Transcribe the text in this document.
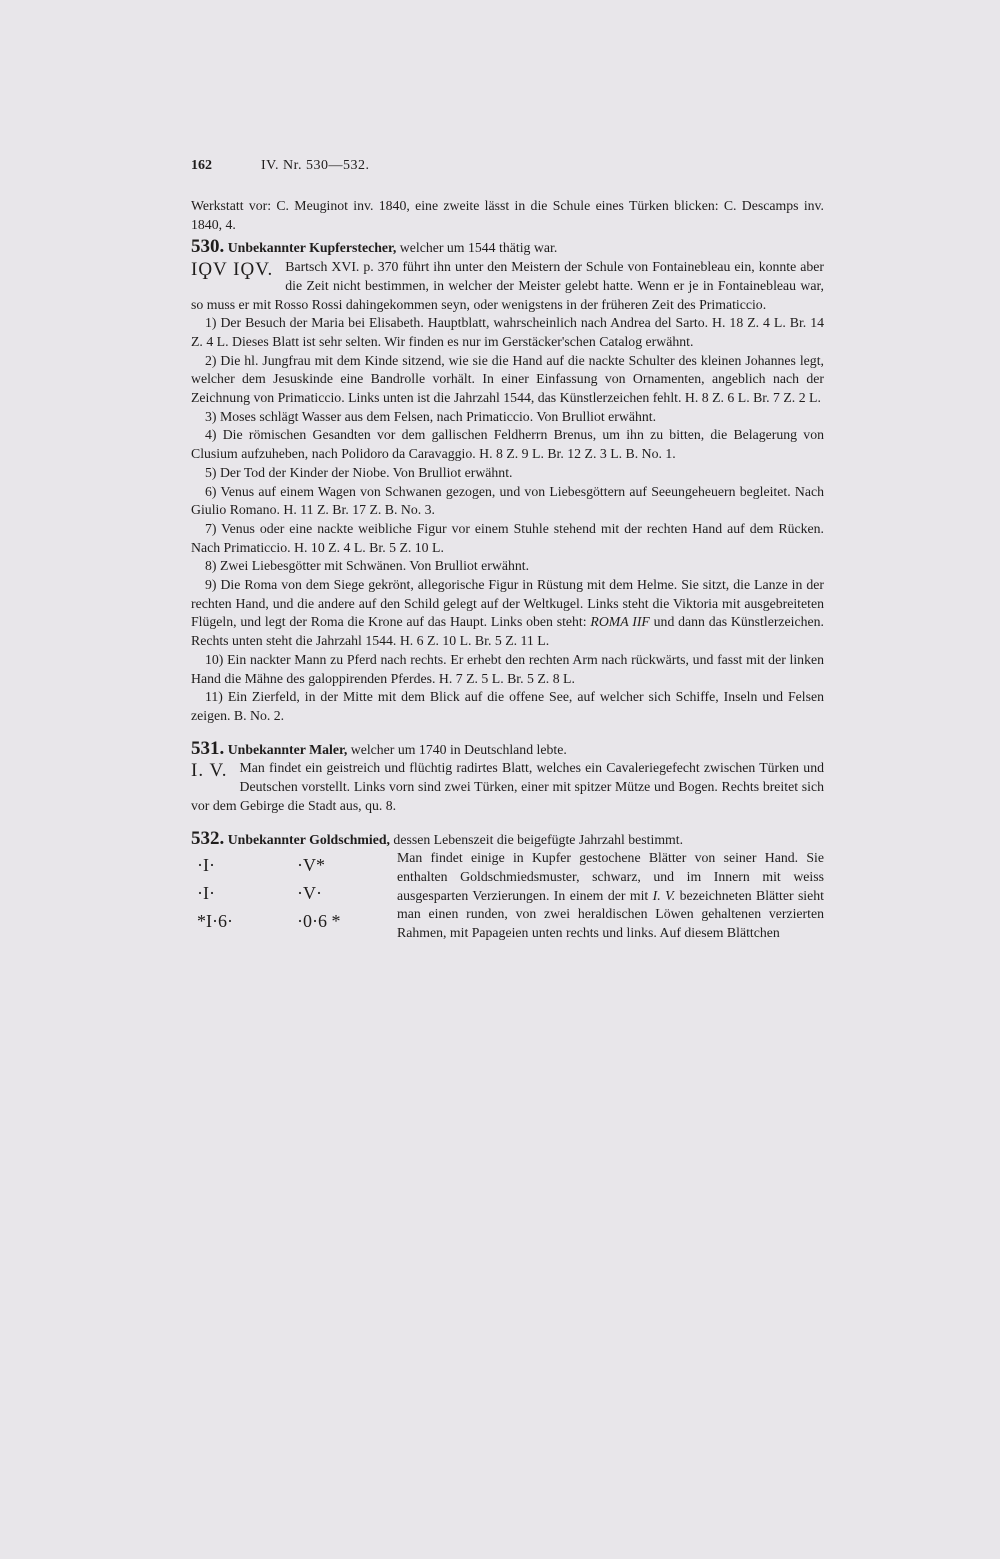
162	IV. Nr. 530—532.

Werkstatt vor: C. Meuginot inv. 1840, eine zweite lässt in die Schule eines Türken blicken: C. Descamps inv. 1840, 4.

530. Unbekannter Kupferstecher, welcher um 1544 thätig war.

IϘV IϘV. Bartsch XVI. p. 370 führt ihn unter den Meistern der Schule von Fontainebleau ein, konnte aber die Zeit nicht bestimmen, in welcher der Meister gelebt hatte. Wenn er je in Fontainebleau war, so muss er mit Rosso Rossi dahingekommen seyn, oder wenigstens in der früheren Zeit des Primaticcio.

1) Der Besuch der Maria bei Elisabeth. Hauptblatt, wahrscheinlich nach Andrea del Sarto. H. 18 Z. 4 L. Br. 14 Z. 4 L. Dieses Blatt ist sehr selten. Wir finden es nur im Gerstäcker'schen Catalog erwähnt.

2) Die hl. Jungfrau mit dem Kinde sitzend, wie sie die Hand auf die nackte Schulter des kleinen Johannes legt, welcher dem Jesuskinde eine Bandrolle vorhält. In einer Einfassung von Ornamenten, angeblich nach der Zeichnung von Primaticcio. Links unten ist die Jahrzahl 1544, das Künstlerzeichen fehlt. H. 8 Z. 6 L. Br. 7 Z. 2 L.

3) Moses schlägt Wasser aus dem Felsen, nach Primaticcio. Von Brulliot erwähnt.

4) Die römischen Gesandten vor dem gallischen Feldherrn Brenus, um ihn zu bitten, die Belagerung von Clusium aufzuheben, nach Polidoro da Caravaggio. H. 8 Z. 9 L. Br. 12 Z. 3 L. B. No. 1.

5) Der Tod der Kinder der Niobe. Von Brulliot erwähnt.

6) Venus auf einem Wagen von Schwanen gezogen, und von Liebesgöttern auf Seeungeheuern begleitet. Nach Giulio Romano. H. 11 Z. Br. 17 Z. B. No. 3.

7) Venus oder eine nackte weibliche Figur vor einem Stuhle stehend mit der rechten Hand auf dem Rücken. Nach Primaticcio. H. 10 Z. 4 L. Br. 5 Z. 10 L.

8) Zwei Liebesgötter mit Schwänen. Von Brulliot erwähnt.

9) Die Roma von dem Siege gekrönt, allegorische Figur in Rüstung mit dem Helme. Sie sitzt, die Lanze in der rechten Hand, und die andere auf den Schild gelegt auf der Weltkugel. Links steht die Viktoria mit ausgebreiteten Flügeln, und legt der Roma die Krone auf das Haupt. Links oben steht: ROMA IIF und dann das Künstlerzeichen. Rechts unten steht die Jahrzahl 1544. H. 6 Z. 10 L. Br. 5 Z. 11 L.

10) Ein nackter Mann zu Pferd nach rechts. Er erhebt den rechten Arm nach rückwärts, und fasst mit der linken Hand die Mähne des galoppirenden Pferdes. H. 7 Z. 5 L. Br. 5 Z. 8 L.

11) Ein Zierfeld, in der Mitte mit dem Blick auf die offene See, auf welcher sich Schiffe, Inseln und Felsen zeigen. B. No. 2.

531. Unbekannter Maler, welcher um 1740 in Deutschland lebte.

I. V. Man findet ein geistreich und flüchtig radirtes Blatt, welches ein Cavaleriegefecht zwischen Türken und Deutschen vorstellt. Links vorn sind zwei Türken, einer mit spitzer Mütze und Bogen. Rechts breitet sich vor dem Gebirge die Stadt aus, qu. 8.

532. Unbekannter Goldschmied, dessen Lebenszeit die beigefügte Jahrzahl bestimmt.

·I·	·V*
·I·	·V·
*I·6·	·0·6 *

Man findet einige in Kupfer gestochene Blätter von seiner Hand. Sie enthalten Goldschmiedsmuster, schwarz, und im Innern mit weiss ausgesparten Verzierungen. In einem der mit I. V. bezeichneten Blätter sieht man einen runden, von zwei heraldischen Löwen gehaltenen verzierten Rahmen, mit Papageien unten rechts und links. Auf diesem Blättchen
